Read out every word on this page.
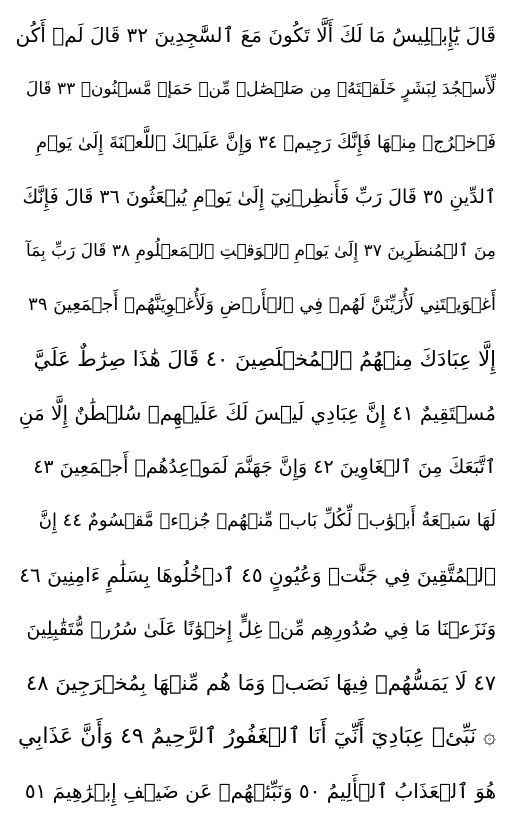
قَالَ يَٰٓإِبۡلِيسُ مَا لَكَ أَلَّا تَكُونَ مَعَ ٱلسَّٰجِدِينَ ٣٢ قَالَ لَمۡ أَكُن
لِّأَسۡجُدَ لِبَشَرٍ خَلَقۡتَهُۥ مِن صَلۡصَٰلٖ مِّنۡ حَمَإٖ مَّسۡنُونٖ ٣٣ قَالَ
فَٱخۡرُجۡ مِنۡهَا فَإِنَّكَ رَجِيمٞ ٣٤ وَإِنَّ عَلَيۡكَ ٱللَّعۡنَةَ إِلَىٰ يَوۡمِ
ٱلدِّينِ ٣٥ قَالَ رَبِّ فَأَنظِرۡنِيٓ إِلَىٰ يَوۡمِ يُبۡعَثُونَ ٣٦ قَالَ فَإِنَّكَ
مِنَ ٱلۡمُنظَرِينَ ٣٧ إِلَىٰ يَوۡمِ ٱلۡوَقۡتِ ٱلۡمَعۡلُومِ ٣٨ قَالَ رَبِّ بِمَآ
أَغۡوَيۡتَنِي لَأُزَيِّنَنَّ لَهُمۡ فِي ٱلۡأَرۡضِ وَلَأُغۡوِيَنَّهُمۡ أَجۡمَعِينَ ٣٩
إِلَّا عِبَادَكَ مِنۡهُمُ ٱلۡمُخۡلَصِينَ ٤٠ قَالَ هَٰذَا صِرَٰطٌ عَلَيَّ
مُسۡتَقِيمٌ ٤١ إِنَّ عِبَادِي لَيۡسَ لَكَ عَلَيۡهِمۡ سُلۡطَٰنٌ إِلَّا مَنِ
ٱتَّبَعَكَ مِنَ ٱلۡغَاوِينَ ٤٢ وَإِنَّ جَهَنَّمَ لَمَوۡعِدُهُمۡ أَجۡمَعِينَ ٤٣
لَهَا سَبۡعَةُ أَبۡوَٰبٖ لِّكُلِّ بَابٖ مِّنۡهُمۡ جُزۡءٞ مَّقۡسُومٌ ٤٤ إِنَّ
ٱلۡمُتَّقِينَ فِي جَنَّٰتٖ وَعُيُونٍ ٤٥ ٱدۡخُلُوهَا بِسَلَٰمٍ ءَامِنِينَ ٤٦
وَنَزَعۡنَا مَا فِي صُدُورِهِم مِّنۡ غِلٍّ إِخۡوَٰنًا عَلَىٰ سُرُرٖ مُّتَقَٰبِلِينَ
٤٧ لَا يَمَسُّهُمۡ فِيهَا نَصَبٞ وَمَا هُم مِّنۡهَا بِمُخۡرَجِينَ ٤٨
۞ نَبِّئۡ عِبَادِيٓ أَنِّيٓ أَنَا ٱلۡغَفُورُ ٱلرَّحِيمُ ٤٩ وَأَنَّ عَذَابِي
هُوَ ٱلۡعَذَابُ ٱلۡأَلِيمُ ٥٠ وَنَبِّئۡهُمۡ عَن ضَيۡفِ إِبۡرَٰهِيمَ ٥١
